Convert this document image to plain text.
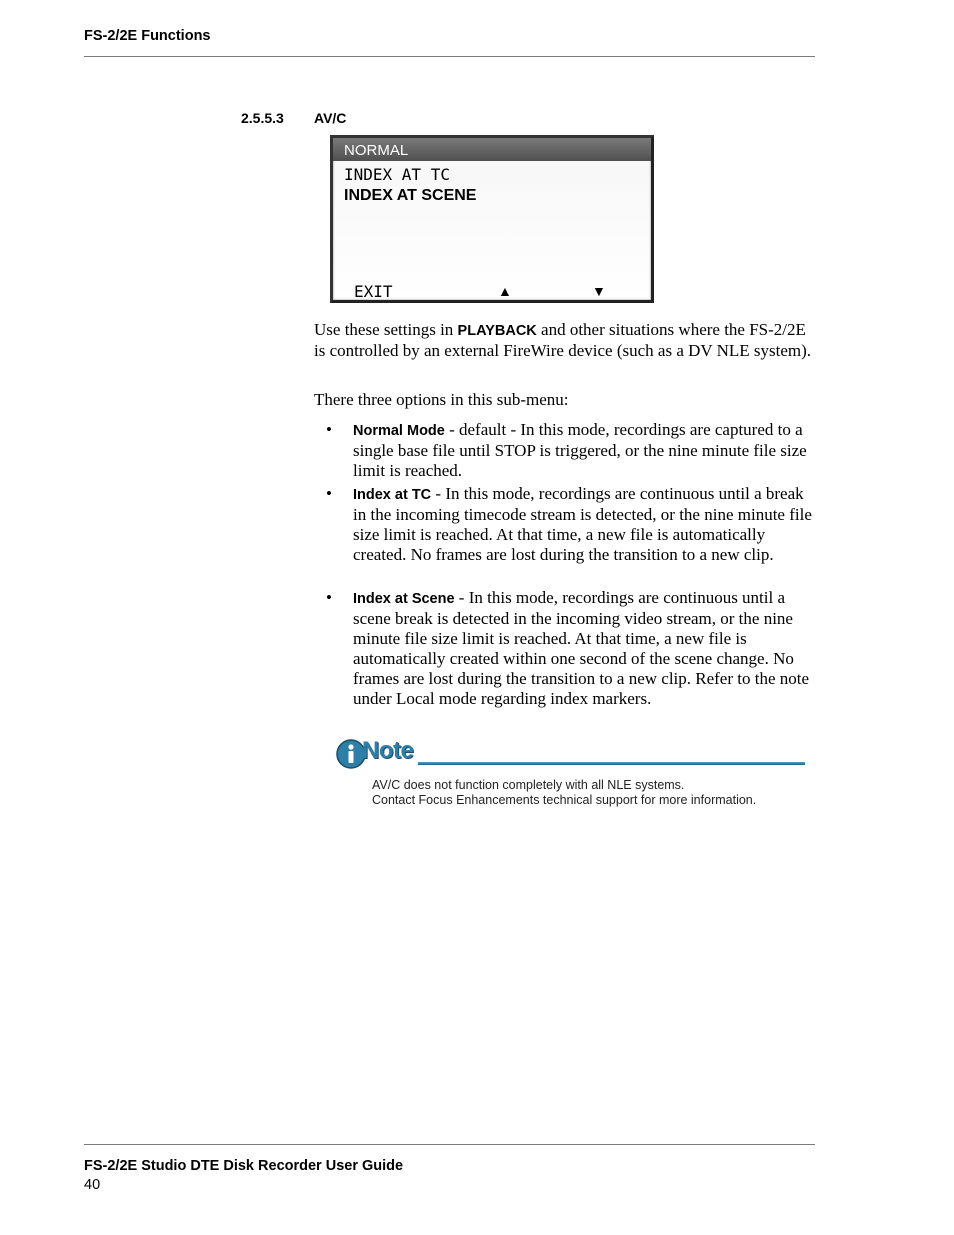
FS-2/2E Functions
2.5.5.3 AV/C
NORMAL
INDEX AT TC
INDEX AT SCENE
EXIT	▲	▼
Use these settings in PLAYBACK and other situations where the FS-2/2E is controlled by an external FireWire device (such as a DV NLE system).
There three options in this sub-menu:
• Normal Mode - default - In this mode, recordings are captured to a single base file until STOP is triggered, or the nine minute file size limit is reached.
• Index at TC - In this mode, recordings are continuous until a break in the incoming timecode stream is detected, or the nine minute file size limit is reached. At that time, a new file is automatically created. No frames are lost during the transition to a new clip.
• Index at Scene - In this mode, recordings are continuous until a scene break is detected in the incoming video stream, or the nine minute file size limit is reached. At that time, a new file is automatically created within one second of the scene change. No frames are lost during the transition to a new clip. Refer to the note under Local mode regarding index markers.
Note
AV/C does not function completely with all NLE systems.
Contact Focus Enhancements technical support for more information.
FS-2/2E Studio DTE Disk Recorder User Guide
40
